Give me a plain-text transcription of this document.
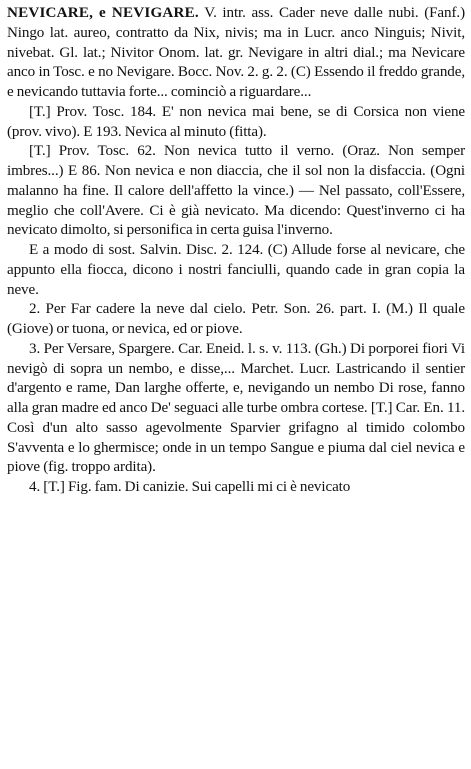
NEVICARE, e NEVIGARE. V. intr. ass. Cader neve dalle nubi. (Fanf.) Ningo lat. aureo, contratto da Nix, nivis; ma in Lucr. anco Ninguis; Nivit, nivebat. Gl. lat.; Nivitor Onom. lat. gr. Nevigare in altri dial.; ma Nevicare anco in Tosc. e no Nevigare. Bocc. Nov. 2. g. 2. (C) Essendo il freddo grande, e nevicando tuttavia forte... cominciò a riguardare...

[T.] Prov. Tosc. 184. E' non nevica mai bene, se di Corsica non viene (prov. vivo). E 193. Nevica al minuto (fitta).

[T.] Prov. Tosc. 62. Non nevica tutto il verno. (Oraz. Non semper imbres...) E 86. Non nevica e non diaccia, che il sol non la disfaccia. (Ogni malanno ha fine. Il calore dell'affetto la vince.) — Nel passato, coll'Essere, meglio che coll'Avere. Ci è già nevicato. Ma dicendo: Quest'inverno ci ha nevicato dimolto, si personifica in certa guisa l'inverno.

E a modo di sost. Salvin. Disc. 2. 124. (C) Allude forse al nevicare, che appunto ella fiocca, dicono i nostri fanciulli, quando cade in gran copia la neve.

2. Per Far cadere la neve dal cielo. Petr. Son. 26. part. I. (M.) Il quale (Giove) or tuona, or nevica, ed or piove.

3. Per Versare, Spargere. Car. Eneid. l. s. v. 113. (Gh.) Di porporei fiori Vi nevigò di sopra un nembo, e disse,... Marchet. Lucr. Lastricando il sentier d'argento e rame, Dan larghe offerte, e, nevigando un nembo Di rose, fanno alla gran madre ed anco De' seguaci alle turbe ombra cortese. [T.] Car. En. 11. Così d'un alto sasso agevolmente Sparvier grifagno al timido colombo S'avventa e lo ghermisce; onde in un tempo Sangue e piuma dal ciel nevica e piove (fig. troppo ardita).

4. [T.] Fig. fam. Di canizie. Sui capelli mi ci è nevicato
